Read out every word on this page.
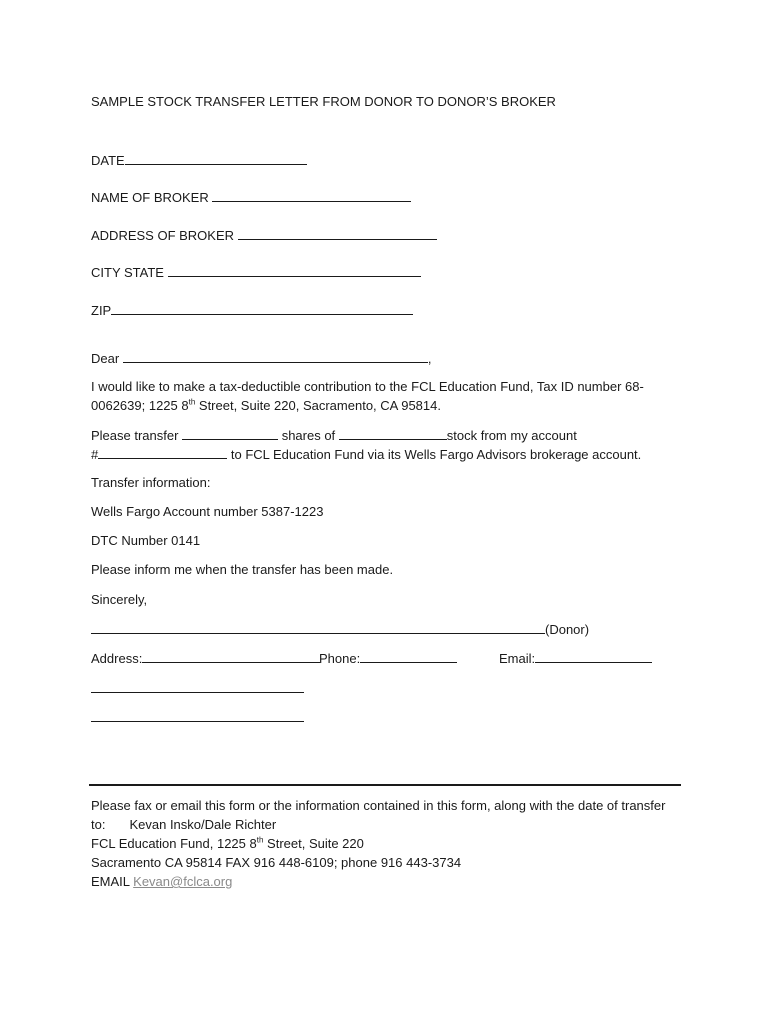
SAMPLE STOCK TRANSFER LETTER FROM DONOR TO DONOR’S BROKER
DATE
NAME OF BROKER
ADDRESS OF BROKER
CITY STATE
ZIP
Dear	,
I would like to make a tax-deductible contribution to the FCL Education Fund, Tax ID number 68-
0062639; 1225 8th Street, Suite 220, Sacramento, CA 95814.
Please transfer	shares of	stock from my account
#	to FCL Education Fund via its Wells Fargo Advisors brokerage account.
Transfer information:
Wells Fargo Account number 5387-1223
DTC Number 0141
Please inform me when the transfer has been made.
Sincerely,
(Donor)
Address:	Phone:	Email:
Please fax or email this form or the information contained in this form, along with the date of transfer
to: Kevan Insko/Dale Richter
FCL Education Fund, 1225 8th Street, Suite 220
Sacramento CA 95814 FAX 916 448-6109; phone 916 443-3734
EMAIL Kevan@fclca.org
